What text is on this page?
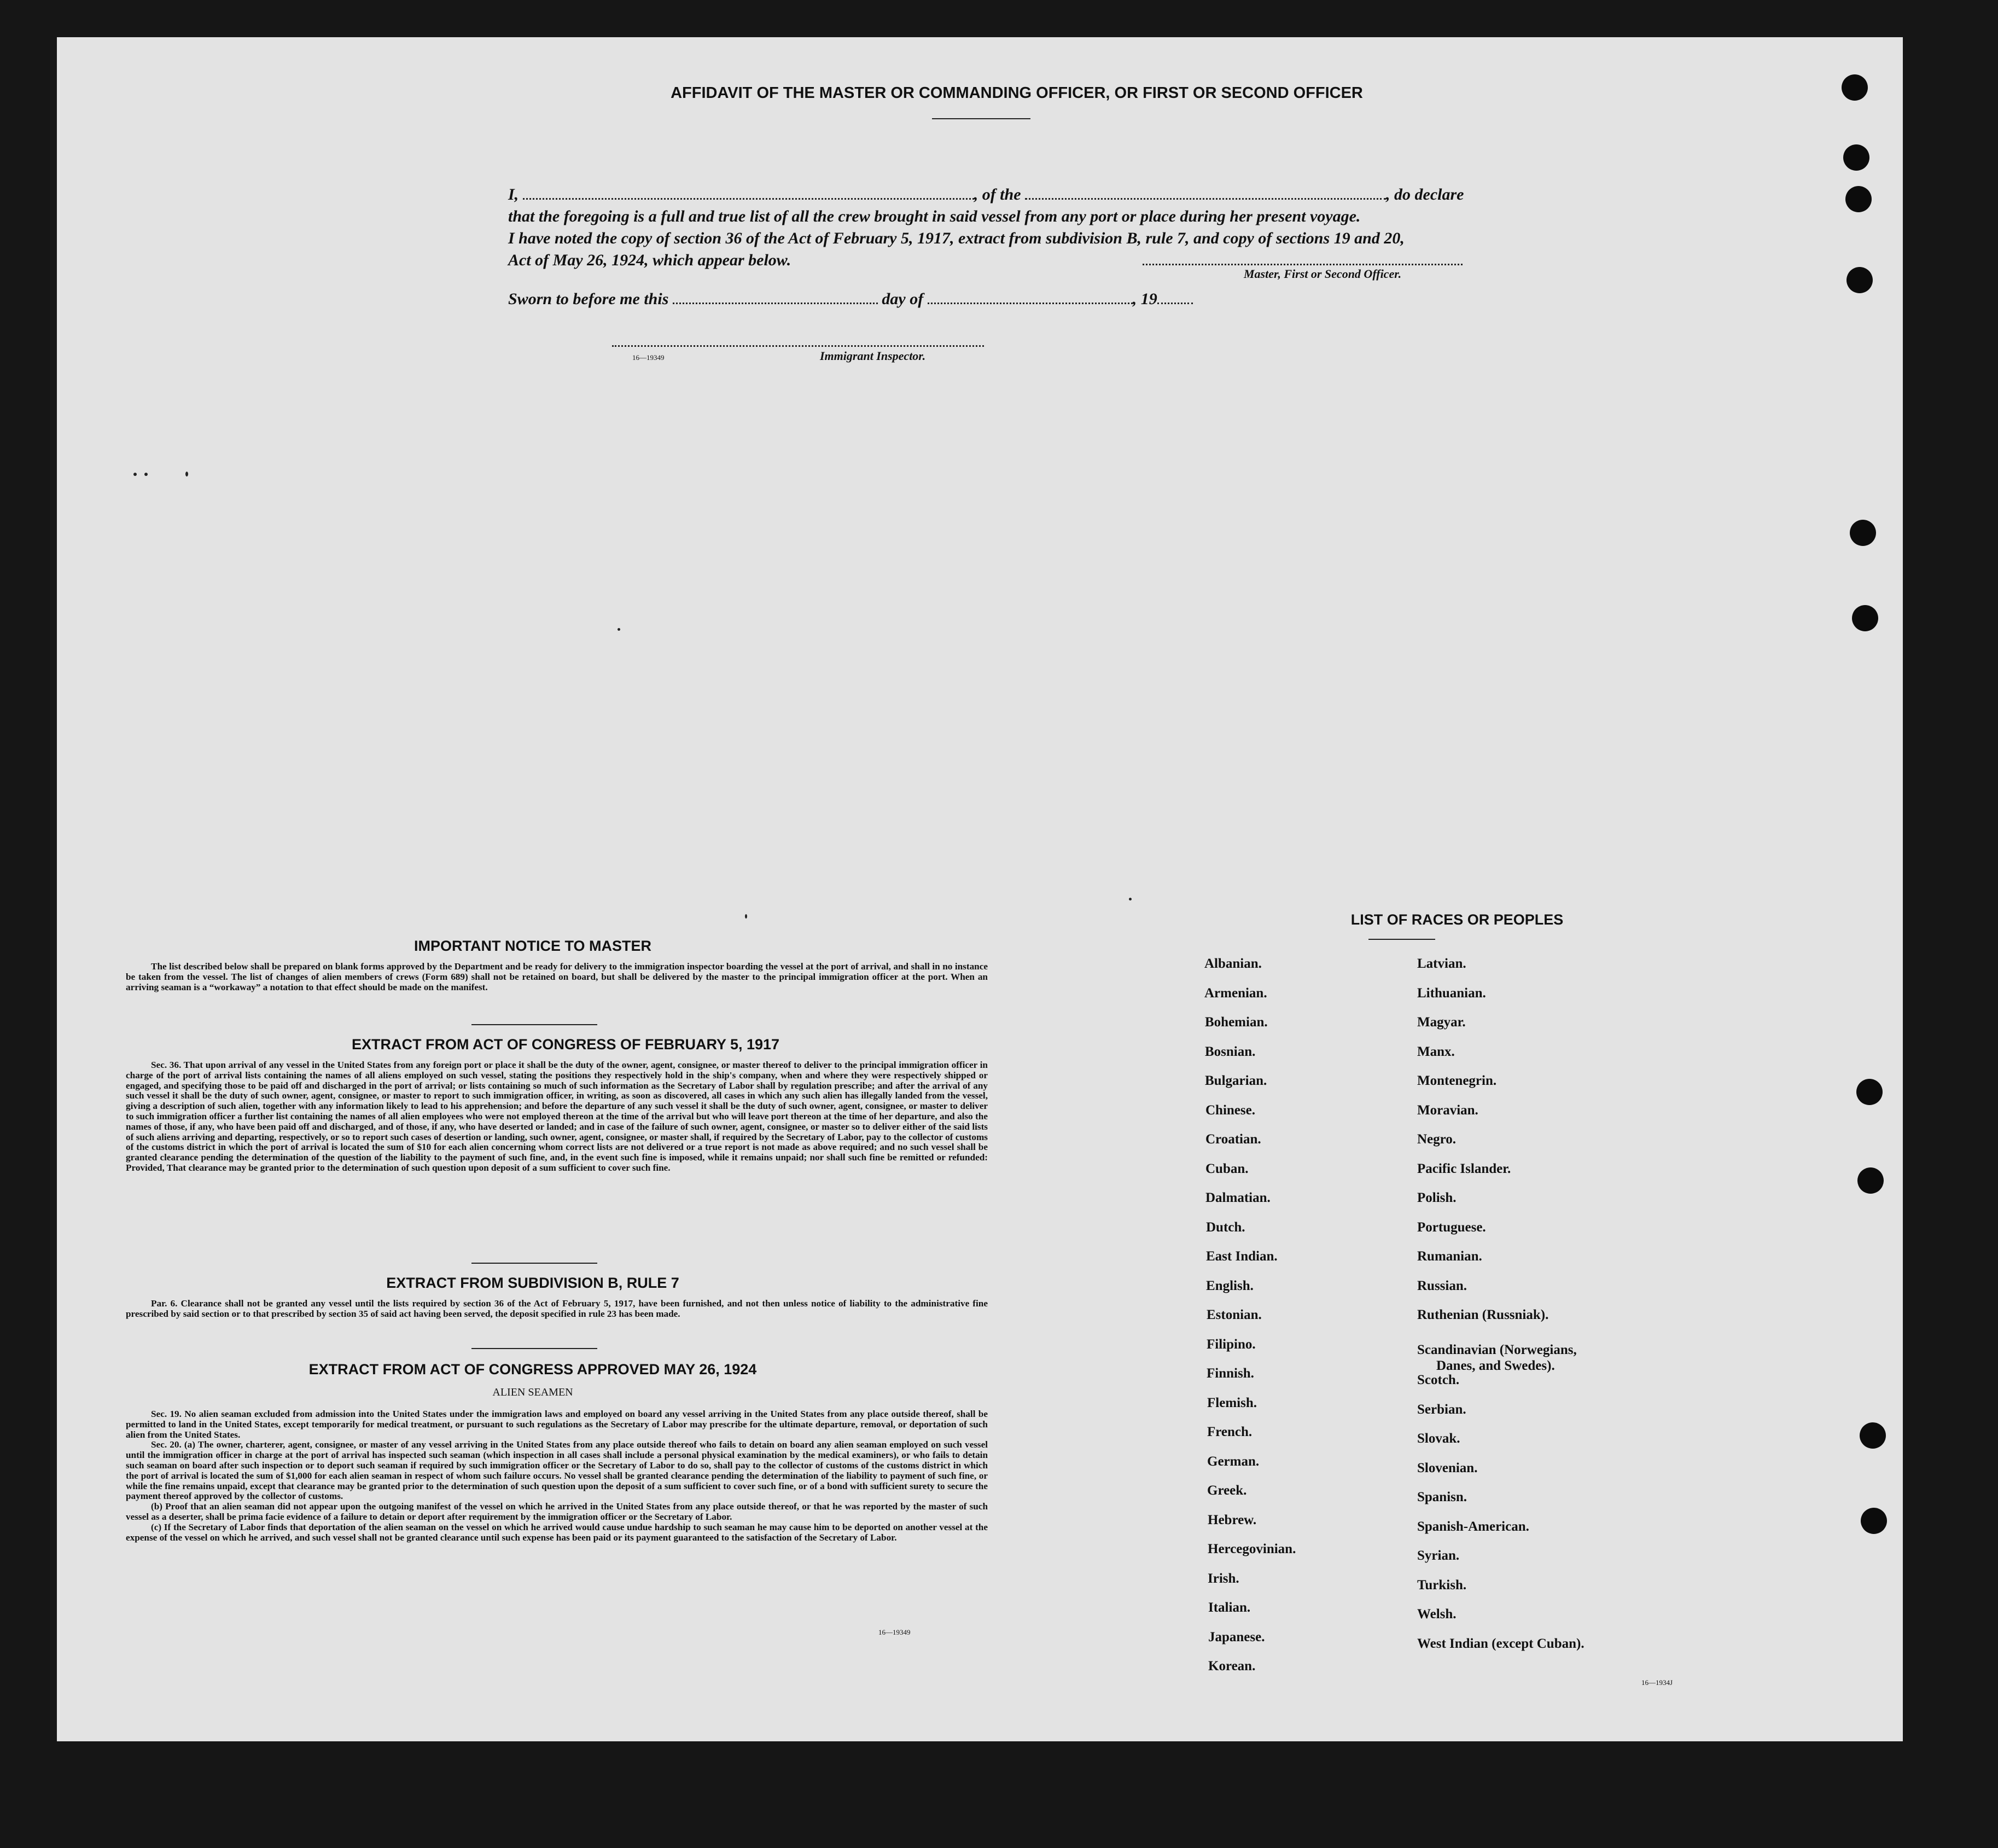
AFFIDAVIT OF THE MASTER OR COMMANDING OFFICER, OR FIRST OR SECOND OFFICER
I,	, of the	, do declare
that the foregoing is a full and true list of all the crew brought in said vessel from any port or place during her present voyage.
I have noted the copy of section 36 of the Act of February 5, 1917, extract from subdivision B, rule 7, and copy of sections 19 and 20,
Act of May 26, 1924, which appear below.
Master, First or Second Officer.
Sworn to before me this	day of	, 19
16—19349	Immigrant Inspector.
IMPORTANT NOTICE TO MASTER

The list described below shall be prepared on blank forms approved by the Department and be ready for delivery to the immigration inspector boarding the vessel at the port of arrival, and shall in no instance be taken from the vessel. The list of changes of alien members of crews (Form 689) shall not be retained on board, but shall be delivered by the master to the principal immigration officer at the port. When an arriving seaman is a “workaway” a notation to that effect should be made on the manifest.

EXTRACT FROM ACT OF CONGRESS OF FEBRUARY 5, 1917

Sec. 36. That upon arrival of any vessel in the United States from any foreign port or place it shall be the duty of the owner, agent, consignee, or master thereof to deliver to the principal immigration officer in charge of the port of arrival lists containing the names of all aliens employed on such vessel, stating the positions they respectively hold in the ship's company, when and where they were respectively shipped or engaged, and specifying those to be paid off and discharged in the port of arrival; or lists containing so much of such information as the Secretary of Labor shall by regulation prescribe; and after the arrival of any such vessel it shall be the duty of such owner, agent, consignee, or master to report to such immigration officer, in writing, as soon as discovered, all cases in which any such alien has illegally landed from the vessel, giving a description of such alien, together with any information likely to lead to his apprehension; and before the departure of any such vessel it shall be the duty of such owner, agent, consignee, or master to deliver to such immigration officer a further list containing the names of all alien employees who were not employed thereon at the time of the arrival but who will leave port thereon at the time of her departure, and also the names of those, if any, who have been paid off and discharged, and of those, if any, who have deserted or landed; and in case of the failure of such owner, agent, consignee, or master so to deliver either of the said lists of such aliens arriving and departing, respectively, or so to report such cases of desertion or landing, such owner, agent, consignee, or master shall, if required by the Secretary of Labor, pay to the collector of customs of the customs district in which the port of arrival is located the sum of $10 for each alien concerning whom correct lists are not delivered or a true report is not made as above required; and no such vessel shall be granted clearance pending the determination of the question of the liability to the payment of such fine, and, in the event such fine is imposed, while it remains unpaid; nor shall such fine be remitted or refunded: Provided, That clearance may be granted prior to the determination of such question upon deposit of a sum sufficient to cover such fine.

EXTRACT FROM SUBDIVISION B, RULE 7

Par. 6. Clearance shall not be granted any vessel until the lists required by section 36 of the Act of February 5, 1917, have been furnished, and not then unless notice of liability to the administrative fine prescribed by said section or to that prescribed by section 35 of said act having been served, the deposit specified in rule 23 has been made.

EXTRACT FROM ACT OF CONGRESS APPROVED MAY 26, 1924
ALIEN SEAMEN

Sec. 19. No alien seaman excluded from admission into the United States under the immigration laws and employed on board any vessel arriving in the United States from any place outside thereof, shall be permitted to land in the United States, except temporarily for medical treatment, or pursuant to such regulations as the Secretary of Labor may prescribe for the ultimate departure, removal, or deportation of such alien from the United States.

Sec. 20. (a) The owner, charterer, agent, consignee, or master of any vessel arriving in the United States from any place outside thereof who fails to detain on board any alien seaman employed on such vessel until the immigration officer in charge at the port of arrival has inspected such seaman (which inspection in all cases shall include a personal physical examination by the medical examiners), or who fails to detain such seaman on board after such inspection or to deport such seaman if required by such immigration officer or the Secretary of Labor to do so, shall pay to the collector of customs of the customs district in which the port of arrival is located the sum of $1,000 for each alien seaman in respect of whom such failure occurs. No vessel shall be granted clearance pending the determination of the liability to payment of such fine, or while the fine remains unpaid, except that clearance may be granted prior to the determination of such question upon the deposit of a sum sufficient to cover such fine, or of a bond with sufficient surety to secure the payment thereof approved by the collector of customs.

(b) Proof that an alien seaman did not appear upon the outgoing manifest of the vessel on which he arrived in the United States from any place outside thereof, or that he was reported by the master of such vessel as a deserter, shall be prima facie evidence of a failure to detain or deport after requirement by the immigration officer or the Secretary of Labor.

(c) If the Secretary of Labor finds that deportation of the alien seaman on the vessel on which he arrived would cause undue hardship to such seaman he may cause him to be deported on another vessel at the expense of the vessel on which he arrived, and such vessel shall not be granted clearance until such expense has been paid or its payment guaranteed to the satisfaction of the Secretary of Labor.

16—19349
LIST OF RACES OR PEOPLES
16—1934J
Albanian.
Armenian.
Bohemian.
Bosnian.
Bulgarian.
Chinese.
Croatian.
Cuban.
Dalmatian.
Dutch.
East Indian.
English.
Estonian.
Filipino.
Finnish.
Flemish.
French.
German.
Greek.
Hebrew.
Hercegovinian.
Irish.
Italian.
Japanese.
Korean.
Latvian.
Lithuanian.
Magyar.
Manx.
Montenegrin.
Moravian.
Negro.
Pacific Islander.
Polish.
Portuguese.
Rumanian.
Russian.
Ruthenian (Russniak).
Scandinavian (Norwegians,
Danes, and Swedes).
Scotch.
Serbian.
Slovak.
Slovenian.
Spanisn.
Spanish-American.
Syrian.
Turkish.
Welsh.
West Indian (except Cuban).
